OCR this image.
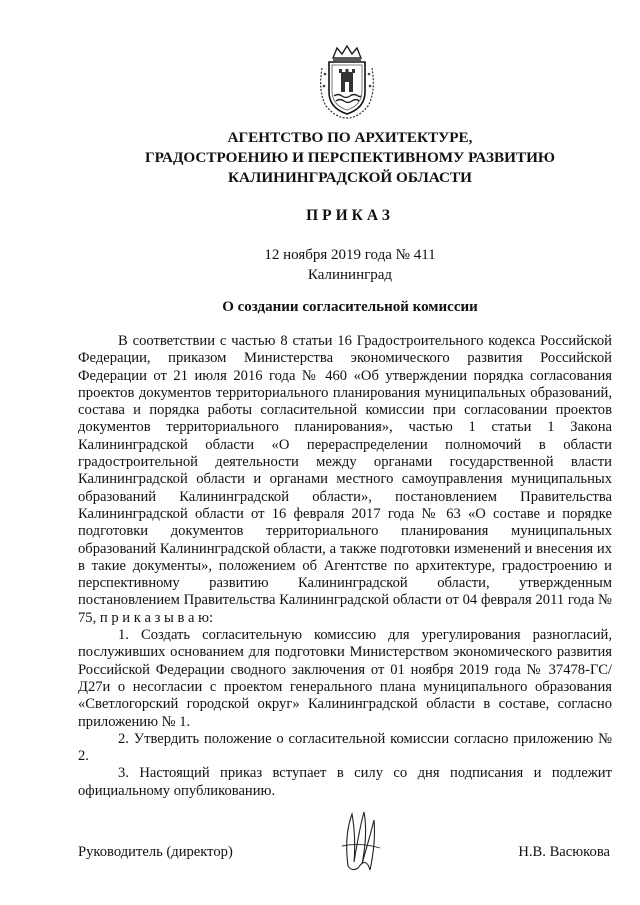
АГЕНТСТВО ПО АРХИТЕКТУРЕ,
ГРАДОСТРОЕНИЮ И ПЕРСПЕКТИВНОМУ РАЗВИТИЮ
КАЛИНИНГРАДСКОЙ ОБЛАСТИ
ПРИКАЗ
12 ноября 2019 года № 411
Калининград
О создании согласительной комиссии

В соответствии с частью 8 статьи 16 Градостроительного кодекса Российской Федерации, приказом Министерства экономического развития Российской Федерации от 21 июля 2016 года № 460 «Об утверждении порядка согласования проектов документов территориального планирования муниципальных образований, состава и порядка работы согласительной комиссии при согласовании проектов документов территориального планирования», частью 1 статьи 1 Закона Калининградской области «О перераспределении полномочий в области градостроительной деятельности между органами государственной власти Калининградской области и органами местного самоуправления муниципальных образований Калининградской области», постановлением Правительства Калининградской области от 16 февраля 2017 года № 63 «О составе и порядке подготовки документов территориального планирования муниципальных образований Калининградской области, а также подготовки изменений и внесения их в такие документы», положением об Агентстве по архитектуре, градостроению и перспективному развитию Калининградской области, утвержденным постановлением Правительства Калининградской области от 04 февраля 2011 года № 75, п р и к а з ы в а ю:

1. Создать согласительную комиссию для урегулирования разногласий, послуживших основанием для подготовки Министерством экономического развития Российской Федерации сводного заключения от 01 ноября 2019 года № 37478-ГС/Д27и о несогласии с проектом генерального плана муниципального образования «Светлогорский городской округ» Калининградской области в составе, согласно приложению № 1.

2. Утвердить положение о согласительной комиссии согласно приложению № 2.

3. Настоящий приказ вступает в силу со дня подписания и подлежит официальному опубликованию.

Руководитель (директор)	Н.В. Васюкова
